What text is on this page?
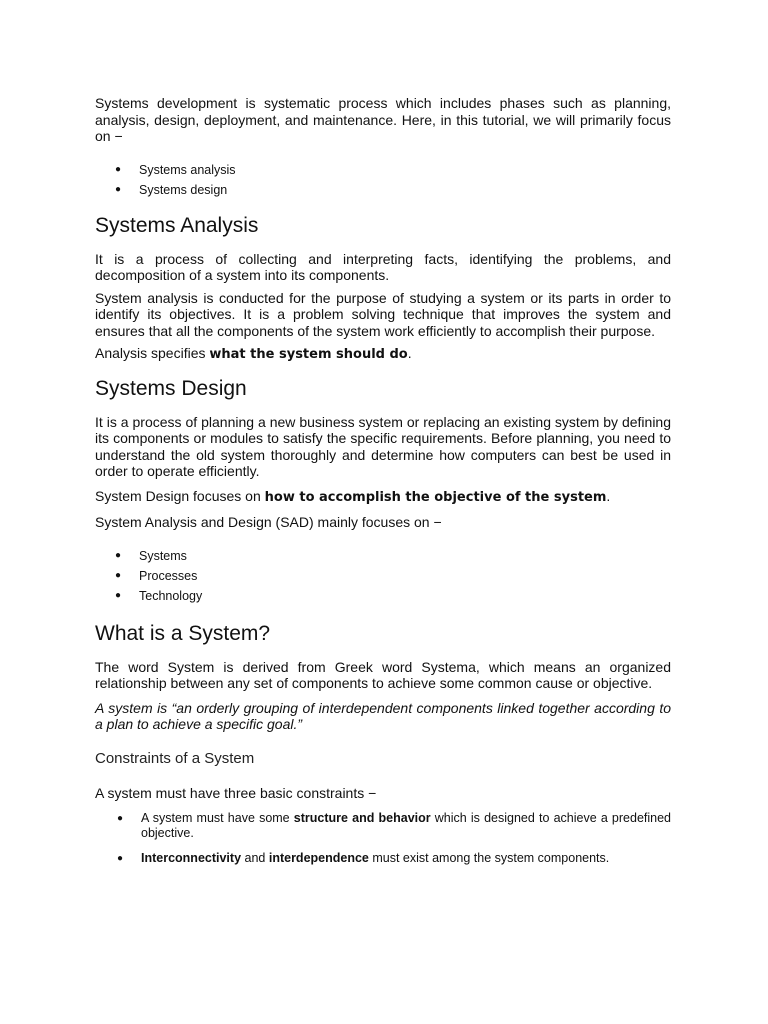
Systems development is systematic process which includes phases such as planning, analysis, design, deployment, and maintenance. Here, in this tutorial, we will primarily focus on −

● Systems analysis
● Systems design
Systems Analysis

It is a process of collecting and interpreting facts, identifying the problems, and decomposition of a system into its components.

System analysis is conducted for the purpose of studying a system or its parts in order to identify its objectives. It is a problem solving technique that improves the system and ensures that all the components of the system work efficiently to accomplish their purpose.

Analysis specifies what the system should do.

Systems Design

It is a process of planning a new business system or replacing an existing system by defining its components or modules to satisfy the specific requirements. Before planning, you need to understand the old system thoroughly and determine how computers can best be used in order to operate efficiently.

System Design focuses on how to accomplish the objective of the system.

System Analysis and Design (SAD) mainly focuses on −

● Systems
● Processes
● Technology
What is a System?

The word System is derived from Greek word Systema, which means an organized relationship between any set of components to achieve some common cause or objective.

A system is “an orderly grouping of interdependent components linked together according to a plan to achieve a specific goal.”

Constraints of a System

A system must have three basic constraints −

● A system must have some structure and behavior which is designed to achieve a predefined objective.
● Interconnectivity and interdependence must exist among the system components.
